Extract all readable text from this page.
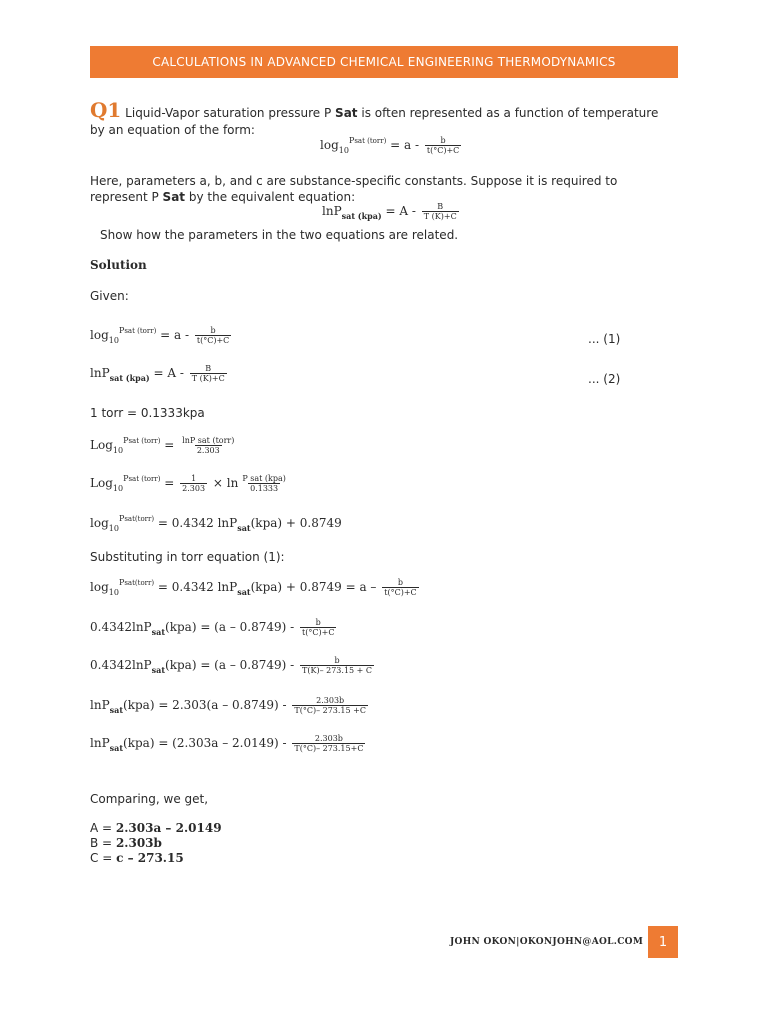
CALCULATIONS IN ADVANCED CHEMICAL ENGINEERING THERMODYNAMICS
Q1 Liquid-Vapor saturation pressure P Sat is often represented as a function of temperature
by an equation of the form:
$\log_{10}^{Psat (torr)} = a - \frac{b}{t(^\circ C)+C}$
Here, parameters a, b, and c are substance-specific constants. Suppose it is required to
represent P Sat by the equivalent equation:
$\ln P_{sat (kpa)} = A - \frac{B}{T (K)+C}$
Show how the parameters in the two equations are related.
Solution
Given:
$\log_{10}^{Psat (torr)} = a - \frac{b}{t(^\circ C)+C}$	... (1)
$\ln P_{sat (kpa)} = A - \frac{B}{T (K)+C}$	... (2)
1 torr = 0.1333kpa
$Log_{10}^{Psat (torr)} = \frac{\text{lnP sat (torr)}}{2.303}$
$Log_{10}^{Psat (torr)} = \frac{1}{2.303} \times \ln \frac{\text{P sat (kpa)}}{0.1333}$
$\log_{10}^{Psat(torr)} = 0.4342$ lnP$_{sat}$(kpa) + 0.8749
Substituting in torr equation (1):
$\log_{10}^{Psat(torr)} = 0.4342$ $\ln P_{sat}(kpa) + 0.8749 = a - \frac{b}{t(^\circ C)+C}$
$0.4342\ln P_{sat}(kpa) = (a - 0.8749) - \frac{b}{t(^\circ C)+C}$
$0.4342\ln P_{sat}(kpa) = (a - 0.8749) - \frac{b}{T(K)- 273.15 + C}$
$\ln P_{sat}(kpa) = 2.303(a - 0.8749) - \frac{2.303b}{T(^\circ C)- 273.15 +C}$
$\ln P_{sat}(kpa) = (2.303a - 2.0149) - \frac{2.303b}{T(^\circ C)- 273.15+C}$
Comparing, we get,
A = 2.303a – 2.0149
B = 2.303b
C = c – 273.15
JOHN OKON|OKONJOHN@AOL.COM	1
